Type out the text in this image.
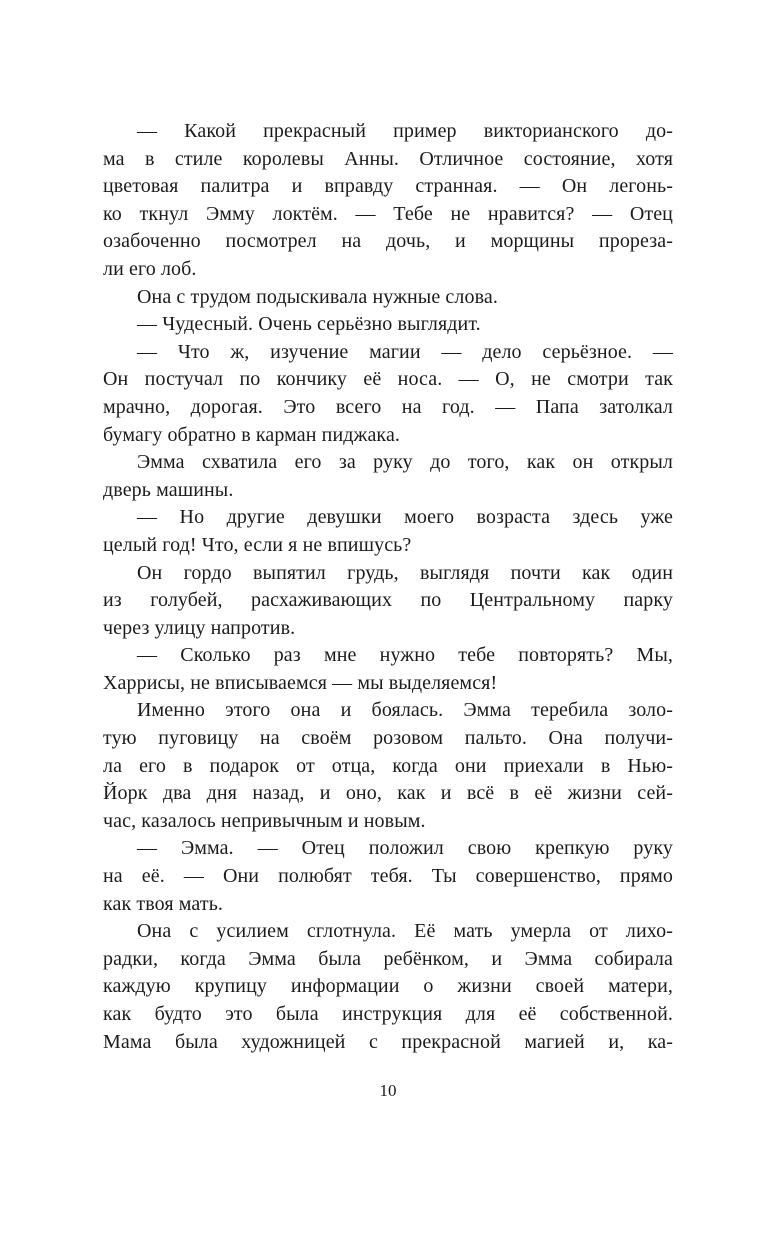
— Какой прекрасный пример викторианского до-
ма в стиле королевы Анны. Отличное состояние, хотя
цветовая палитра и вправду странная. — Он легонь-
ко ткнул Эмму локтём. — Тебе не нравится? — Отец
озабоченно посмотрел на дочь, и морщины прореза-
ли его лоб.
Она с трудом подыскивала нужные слова.
— Чудесный. Очень серьёзно выглядит.
— Что ж, изучение магии — дело серьёзное. —
Он постучал по кончику её носа. — О, не смотри так
мрачно, дорогая. Это всего на год. — Папа затолкал
бумагу обратно в карман пиджака.
Эмма схватила его за руку до того, как он открыл
дверь машины.
— Но другие девушки моего возраста здесь уже
целый год! Что, если я не впишусь?
Он гордо выпятил грудь, выглядя почти как один
из голубей, расхаживающих по Центральному парку
через улицу напротив.
— Сколько раз мне нужно тебе повторять? Мы,
Харрисы, не вписываемся — мы выделяемся!
Именно этого она и боялась. Эмма теребила золо-
тую пуговицу на своём розовом пальто. Она получи-
ла его в подарок от отца, когда они приехали в Нью-
Йорк два дня назад, и оно, как и всё в её жизни сей-
час, казалось непривычным и новым.
— Эмма. — Отец положил свою крепкую руку
на её. — Они полюбят тебя. Ты совершенство, прямо
как твоя мать.
Она с усилием сглотнула. Её мать умерла от лихо-
радки, когда Эмма была ребёнком, и Эмма собирала
каждую крупицу информации о жизни своей матери,
как будто это была инструкция для её собственной.
Мама была художницей с прекрасной магией и, ка-
10
